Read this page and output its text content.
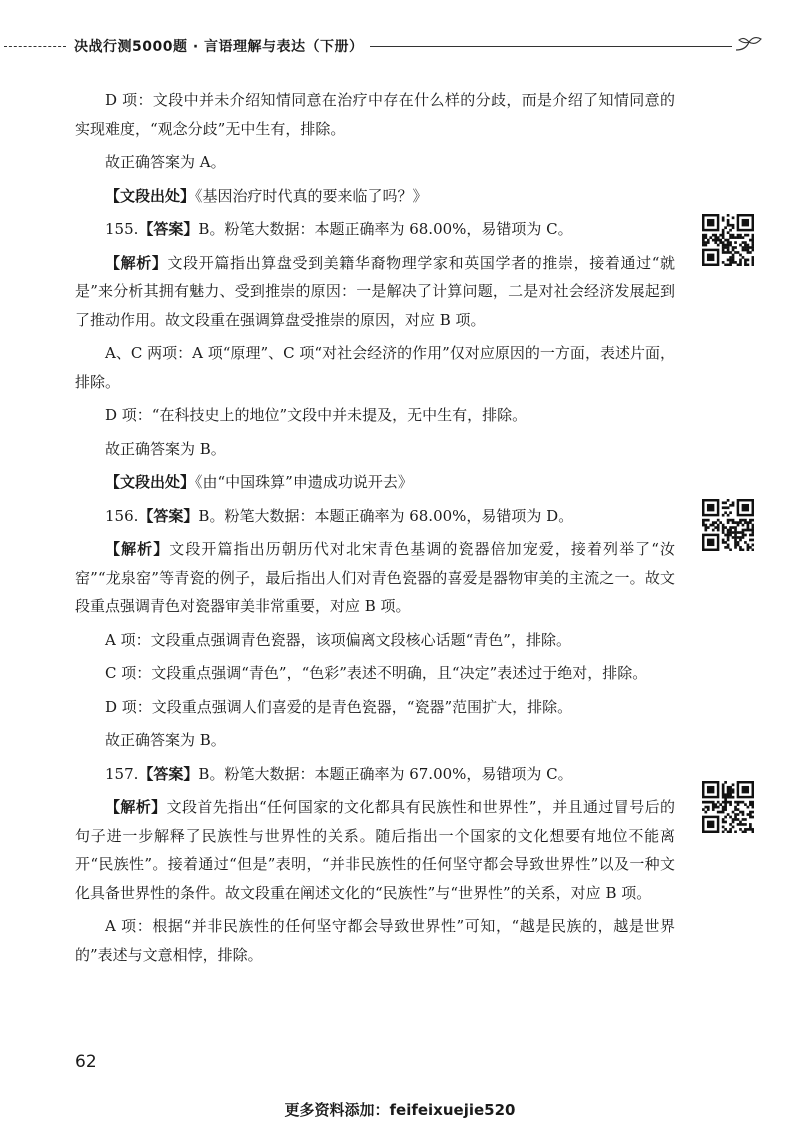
决战行测5000题 · 言语理解与表达（下册）

D 项：文段中并未介绍知情同意在治疗中存在什么样的分歧，而是介绍了知情同意的实现难度，“观念分歧”无中生有，排除。

故正确答案为 A。

【文段出处】《基因治疗时代真的要来临了吗？》

155.【答案】B。粉笔大数据：本题正确率为 68.00%，易错项为 C。

【解析】文段开篇指出算盘受到美籍华裔物理学家和英国学者的推崇，接着通过“就是”来分析其拥有魅力、受到推崇的原因：一是解决了计算问题，二是对社会经济发展起到了推动作用。故文段重在强调算盘受推崇的原因，对应 B 项。

A、C 两项：A 项“原理”、C 项“对社会经济的作用”仅对应原因的一方面，表述片面，排除。

D 项：“在科技史上的地位”文段中并未提及，无中生有，排除。

故正确答案为 B。

【文段出处】《由“中国珠算”申遗成功说开去》

156.【答案】B。粉笔大数据：本题正确率为 68.00%，易错项为 D。

【解析】文段开篇指出历朝历代对北宋青色基调的瓷器倍加宠爱，接着列举了“汝窑”“龙泉窑”等青瓷的例子，最后指出人们对青色瓷器的喜爱是器物审美的主流之一。故文段重点强调青色对瓷器审美非常重要，对应 B 项。

A 项：文段重点强调青色瓷器，该项偏离文段核心话题“青色”，排除。

C 项：文段重点强调“青色”，“色彩”表述不明确，且“决定”表述过于绝对，排除。

D 项：文段重点强调人们喜爱的是青色瓷器，“瓷器”范围扩大，排除。

故正确答案为 B。

157.【答案】B。粉笔大数据：本题正确率为 67.00%，易错项为 C。

【解析】文段首先指出“任何国家的文化都具有民族性和世界性”，并且通过冒号后的句子进一步解释了民族性与世界性的关系。随后指出一个国家的文化想要有地位不能离开“民族性”。接着通过“但是”表明，“并非民族性的任何坚守都会导致世界性”以及一种文化具备世界性的条件。故文段重在阐述文化的“民族性”与“世界性”的关系，对应 B 项。

A 项：根据“并非民族性的任何坚守都会导致世界性”可知，“越是民族的，越是世界的”表述与文意相悖，排除。

62
更多资料添加：feifeixuejie520
